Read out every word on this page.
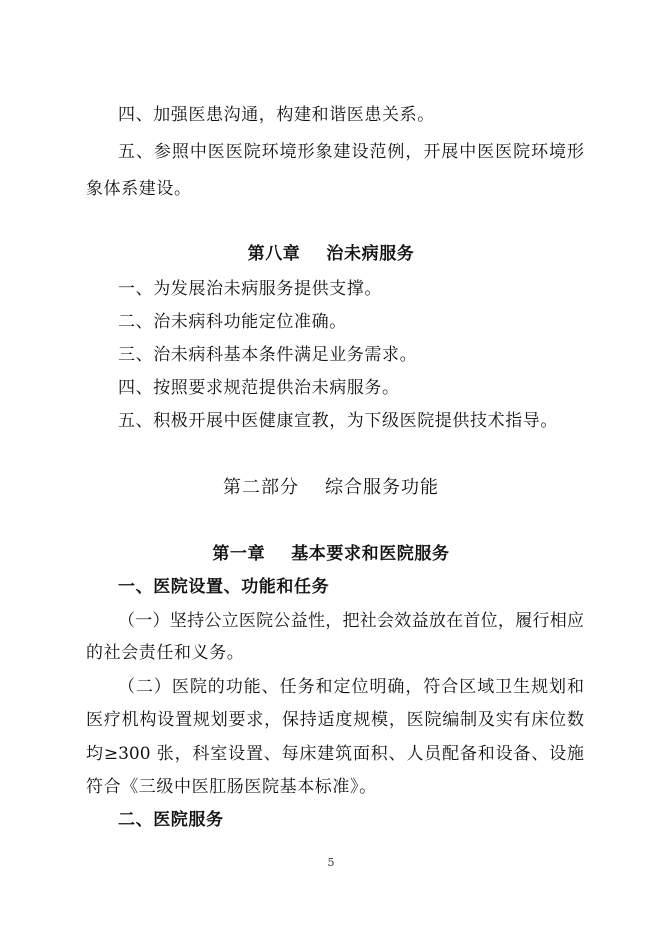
四、加强医患沟通，构建和谐医患关系。
五、参照中医医院环境形象建设范例，开展中医医院环境形
象体系建设。
第八章 治未病服务
一、为发展治未病服务提供支撑。
二、治未病科功能定位准确。
三、治未病科基本条件满足业务需求。
四、按照要求规范提供治未病服务。
五、积极开展中医健康宣教，为下级医院提供技术指导。
第二部分 综合服务功能
第一章 基本要求和医院服务
一、医院设置、功能和任务
（一）坚持公立医院公益性，把社会效益放在首位，履行相应
的社会责任和义务。
（二）医院的功能、任务和定位明确，符合区域卫生规划和
医疗机构设置规划要求，保持适度规模，医院编制及实有床位数
均≥300 张，科室设置、每床建筑面积、人员配备和设备、设施
符合《三级中医肛肠医院基本标准》。
二、医院服务
5
